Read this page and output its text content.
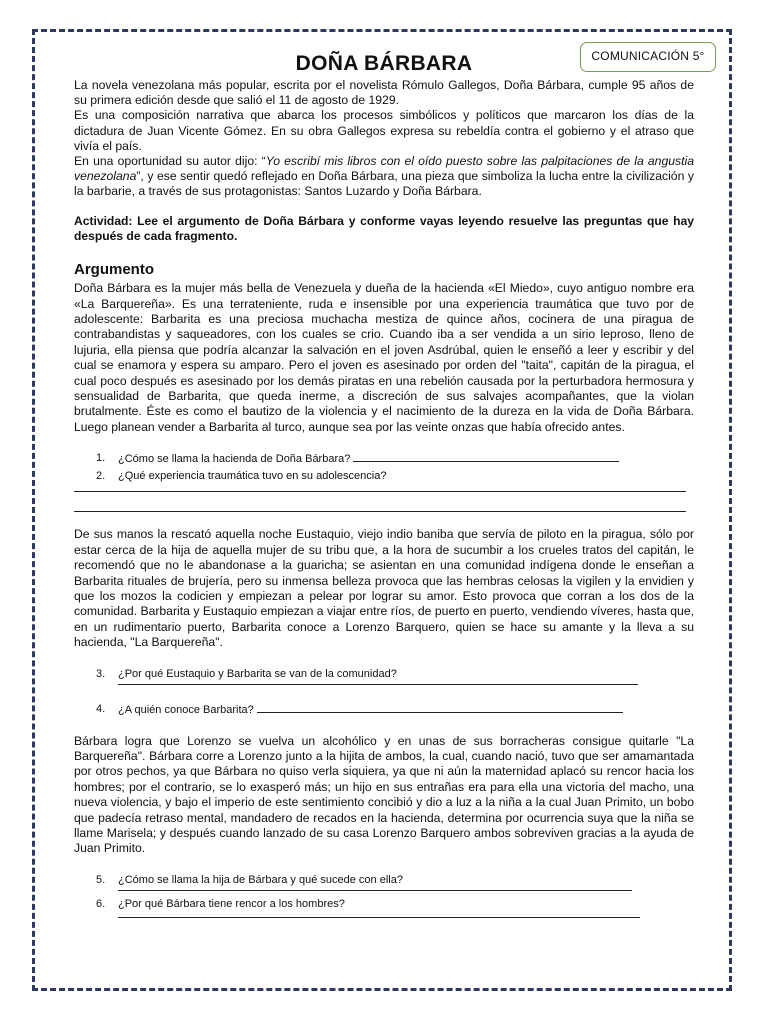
COMUNICACIÓN 5°
DOÑA BÁRBARA

La novela venezolana más popular, escrita por el novelista Rómulo Gallegos, Doña Bárbara, cumple 95 años de su primera edición desde que salió el 11 de agosto de 1929.

Es una composición narrativa que abarca los procesos simbólicos y políticos que marcaron los días de la dictadura de Juan Vicente Gómez. En su obra Gallegos expresa su rebeldía contra el gobierno y el atraso que vivía el país.

En una oportunidad su autor dijo: “Yo escribí mis libros con el oído puesto sobre las palpitaciones de la angustia venezolana”, y ese sentir quedó reflejado en Doña Bárbara, una pieza que simboliza la lucha entre la civilización y la barbarie, a través de sus protagonistas: Santos Luzardo y Doña Bárbara.

Actividad: Lee el argumento de Doña Bárbara y conforme vayas leyendo resuelve las preguntas que hay después de cada fragmento.

Argumento

Doña Bárbara es la mujer más bella de Venezuela y dueña de la hacienda «El Miedo», cuyo antiguo nombre era «La Barquereña». Es una terrateniente, ruda e insensible por una experiencia traumática que tuvo por de adolescente: Barbarita es una preciosa muchacha mestiza de quince años, cocinera de una piragua de contrabandistas y saqueadores, con los cuales se crio. Cuando iba a ser vendida a un sirio leproso, lleno de lujuria, ella piensa que podría alcanzar la salvación en el joven Asdrúbal, quien le enseñó a leer y escribir y del cual se enamora y espera su amparo. Pero el joven es asesinado por orden del "taita", capitán de la piragua, el cual poco después es asesinado por los demás piratas en una rebelión causada por la perturbadora hermosura y sensualidad de Barbarita, que queda inerme, a discreción de sus salvajes acompañantes, que la violan brutalmente. Éste es como el bautizo de la violencia y el nacimiento de la dureza en la vida de Doña Bárbara. Luego planean vender a Barbarita al turco, aunque sea por las veinte onzas que había ofrecido antes.

1. ¿Cómo se llama la hacienda de Doña Bárbara?
2. ¿Qué experiencia traumática tuvo en su adolescencia?

De sus manos la rescató aquella noche Eustaquio, viejo indio baniba que servía de piloto en la piragua, sólo por estar cerca de la hija de aquella mujer de su tribu que, a la hora de sucumbir a los crueles tratos del capitán, le recomendó que no le abandonase a la guarichа; se asientan en una comunidad indígena donde le enseñan a Barbarita rituales de brujería, pero su inmensa belleza provoca que las hembras celosas la vigilen y la envidien y que los mozos la codicien y empiezan a pelear por lograr su amor. Esto provoca que corran a los dos de la comunidad. Barbarita y Eustaquio empiezan a viajar entre ríos, de puerto en puerto, vendiendo víveres, hasta que, en un rudimentario puerto, Barbarita conoce a Lorenzo Barquero, quien se hace su amante y la lleva a su hacienda, "La Barquereña".

3. ¿Por qué Eustaquio y Barbarita se van de la comunidad?
4. ¿A quién conoce Barbarita?

Bárbara logra que Lorenzo se vuelva un alcohólico y en unas de sus borracheras consigue quitarle "La Barquereña". Bárbara corre a Lorenzo junto a la hijita de ambos, la cual, cuando nació, tuvo que ser amamantada por otros pechos, ya que Bárbara no quiso verla siquiera, ya que ni aún la maternidad aplacó su rencor hacia los hombres; por el contrario, se lo exasperó más; un hijo en sus entrañas era para ella una victoria del macho, una nueva violencia, y bajo el imperio de este sentimiento concibió y dio a luz a la niña a la cual Juan Primito, un bobo que padecía retraso mental, mandadero de recados en la hacienda, determina por ocurrencia suya que la niña se llame Marisela; y después cuando lanzado de su casa Lorenzo Barquero ambos sobreviven gracias a la ayuda de Juan Primito.

5. ¿Cómo se llama la hija de Bárbara y qué sucede con ella?
6. ¿Por qué Bárbara tiene rencor a los hombres?
